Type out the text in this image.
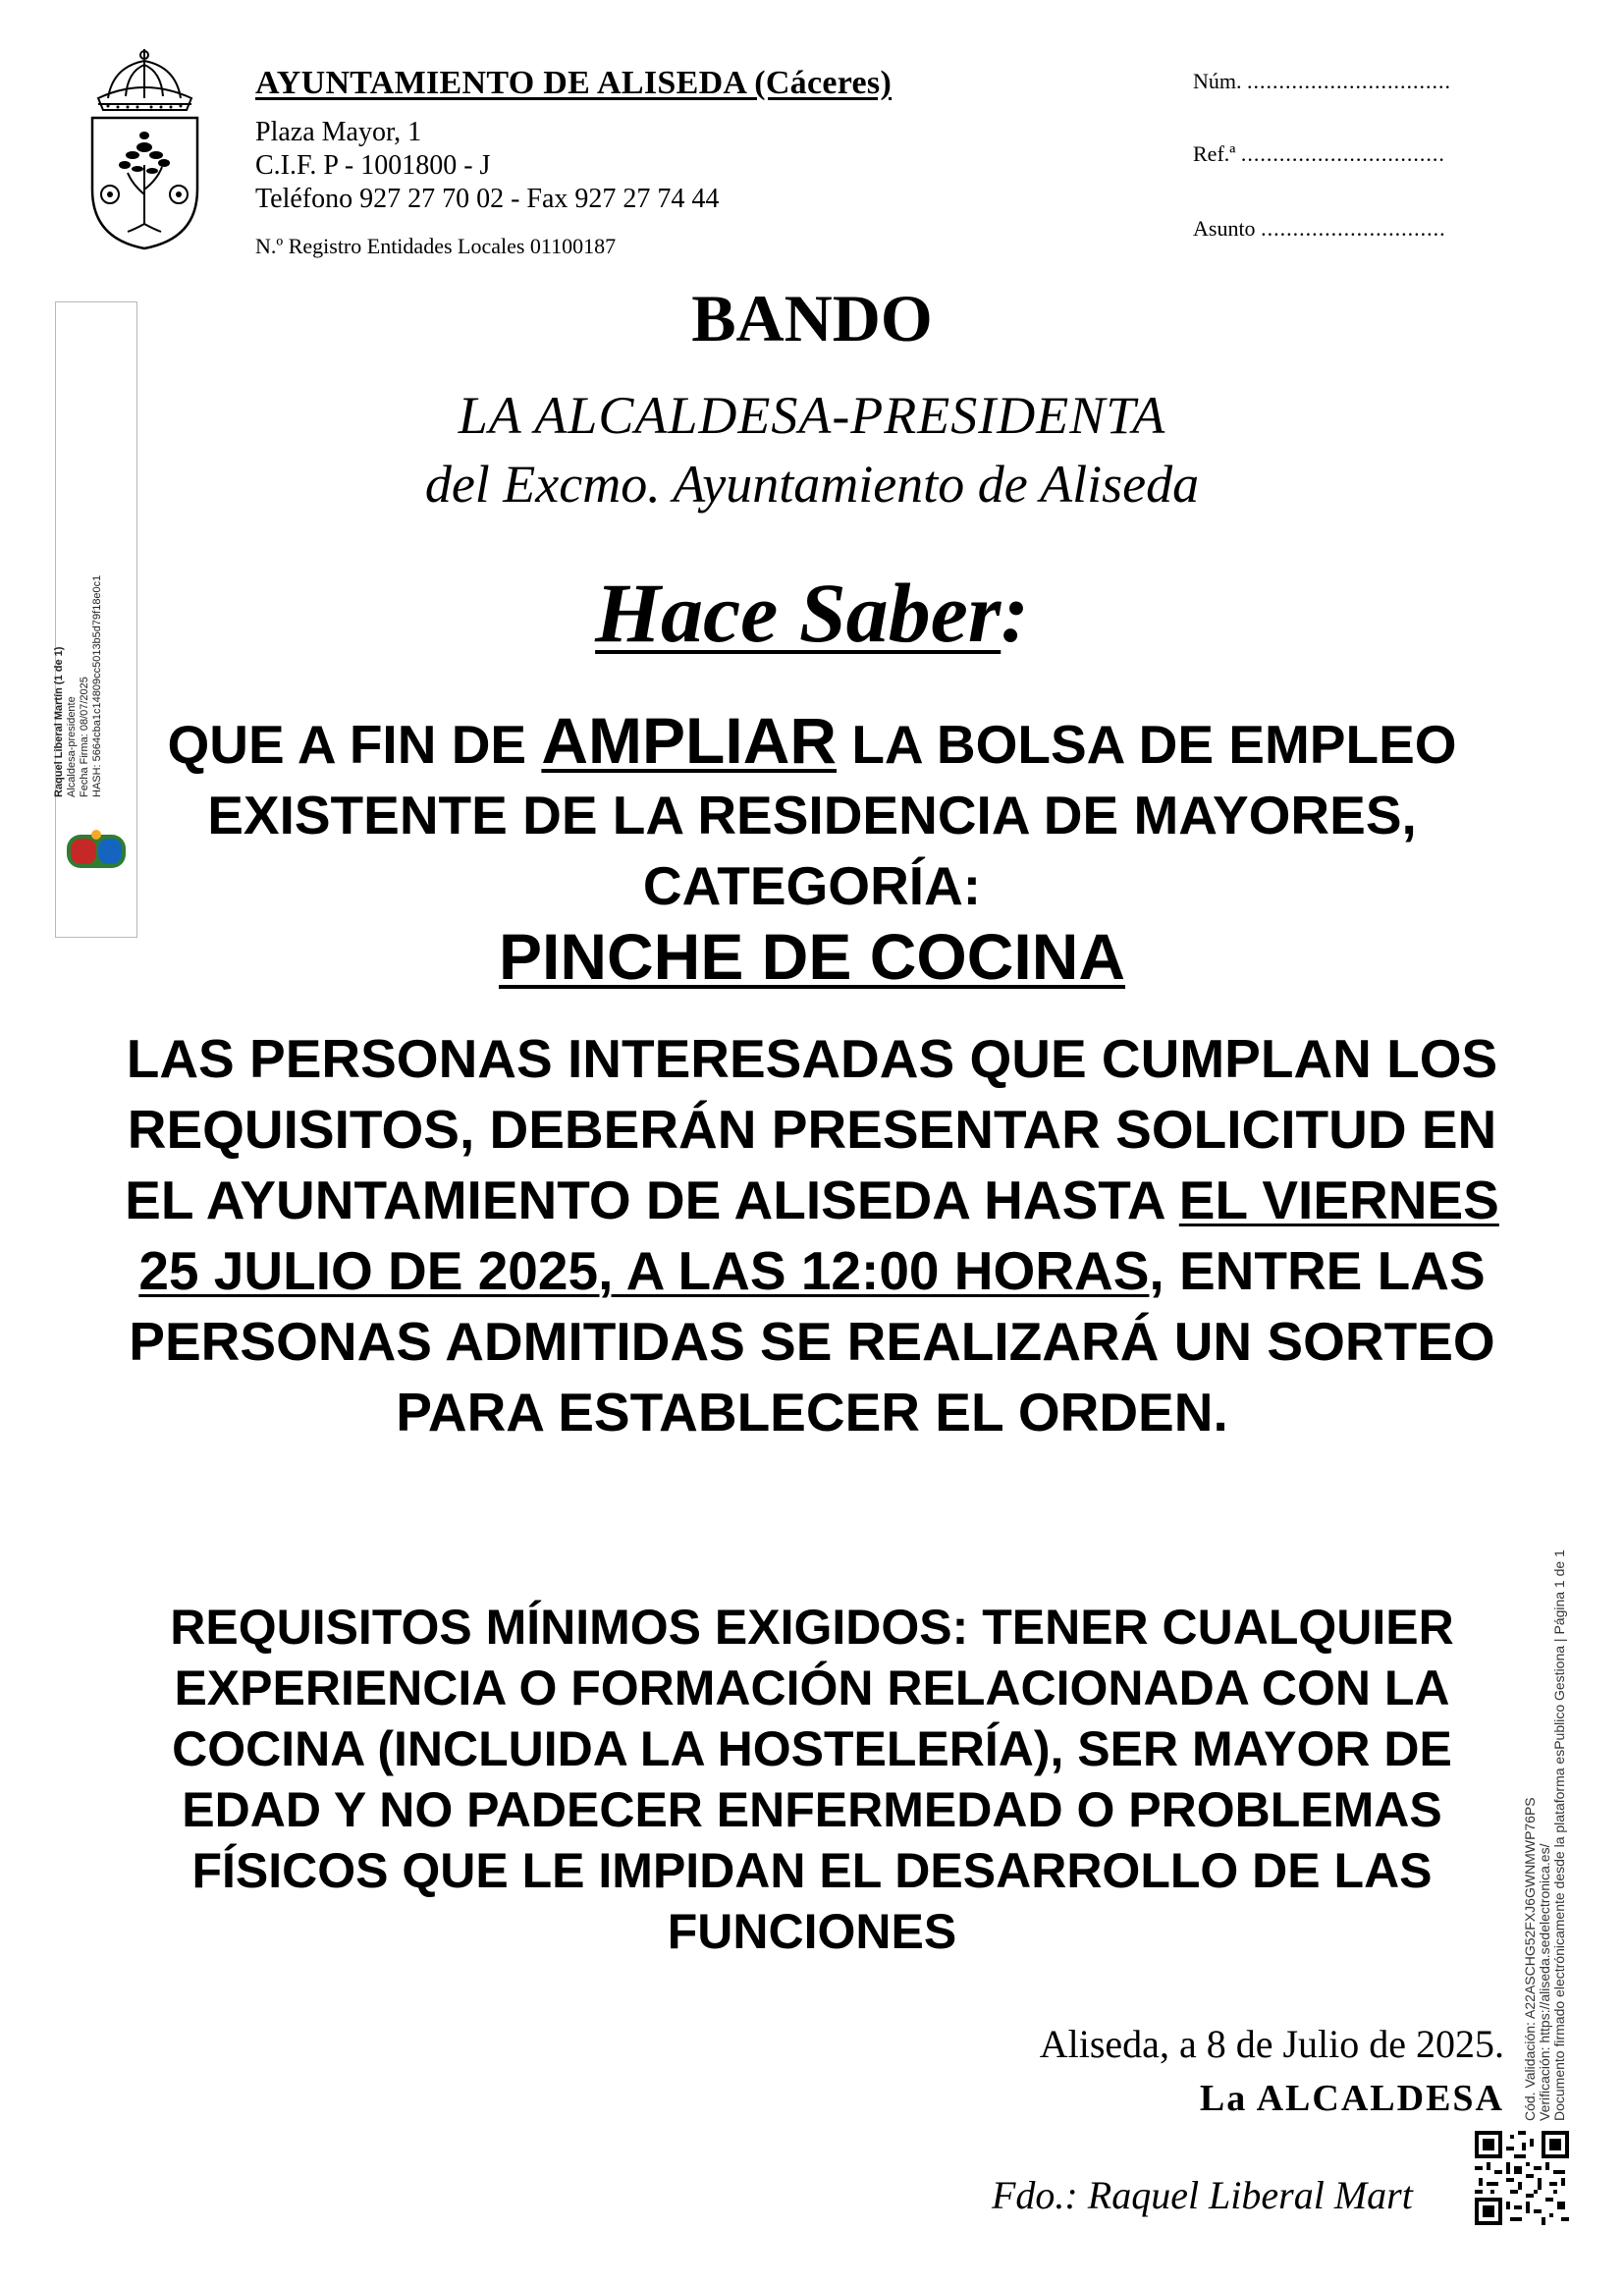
AYUNTAMIENTO DE ALISEDA (Cáceres)
Plaza Mayor, 1
C.I.F. P - 1001800 - J
Teléfono 927 27 70 02 - Fax 927 27 74 44
N.º Registro Entidades Locales 01100187
Núm. ................................
Ref.ª ................................
Asunto .............................
Raquel Liberal Martín (1 de 1) Alcaldesa-presidente Fecha Firma: 08/07/2025 HASH: 5664cba1c14809cc5013b5d79f18e0c1
BANDO
LA ALCALDESA-PRESIDENTA
del Excmo. Ayuntamiento de Aliseda
Hace Saber:
QUE A FIN DE AMPLIAR LA BOLSA DE EMPLEO EXISTENTE DE LA RESIDENCIA DE MAYORES, CATEGORÍA:
PINCHE DE COCINA
LAS PERSONAS INTERESADAS QUE CUMPLAN LOS REQUISITOS, DEBERÁN PRESENTAR SOLICITUD EN EL AYUNTAMIENTO DE ALISEDA HASTA EL VIERNES 25 JULIO DE 2025, A LAS 12:00 HORAS, ENTRE LAS PERSONAS ADMITIDAS SE REALIZARÁ UN SORTEO PARA ESTABLECER EL ORDEN.
REQUISITOS MÍNIMOS EXIGIDOS: TENER CUALQUIER EXPERIENCIA O FORMACIÓN RELACIONADA CON LA COCINA (INCLUIDA LA HOSTELERÍA), SER MAYOR DE EDAD Y NO PADECER ENFERMEDAD O PROBLEMAS FÍSICOS QUE LE IMPIDAN EL DESARROLLO DE LAS FUNCIONES
Aliseda, a 8 de Julio de 2025.
La ALCALDESA
Fdo.: Raquel Liberal Mart
Cód. Validación: A22ASCHG52FXJ6GWNMWP76PS Verificación: https://aliseda.sedelectronica.es/ Documento firmado electrónicamente desde la plataforma esPublico Gestiona | Página 1 de 1
